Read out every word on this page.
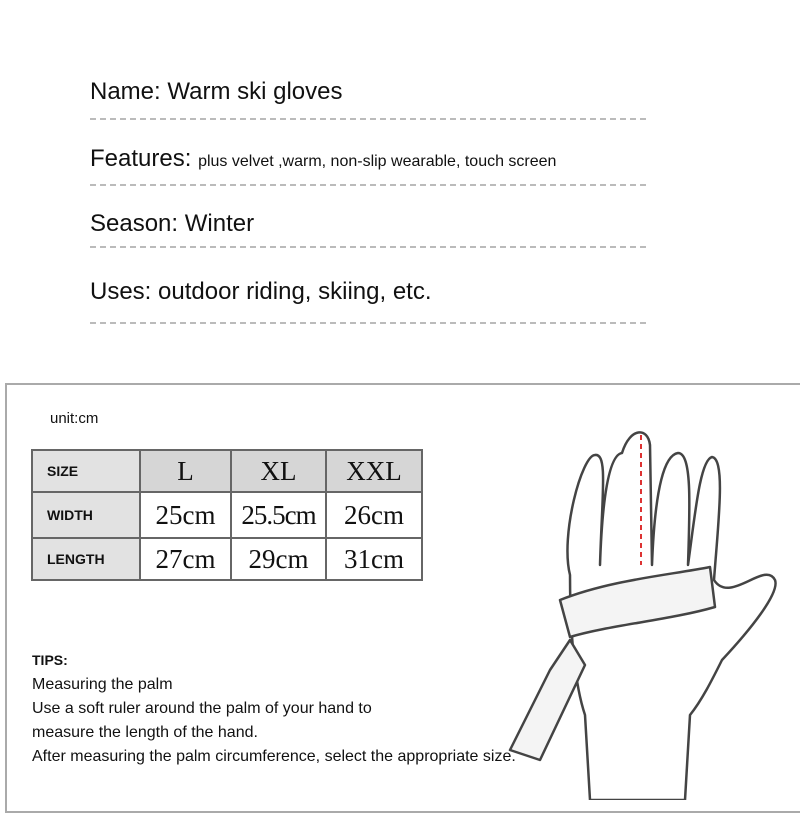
Name: Warm ski gloves
Features: plus velvet ,warm, non-slip wearable, touch screen
Season: Winter
Uses: outdoor riding, skiing, etc.
unit:cm
SIZE	L	XL	XXL
WIDTH	25cm	25.5cm	26cm
LENGTH	27cm	29cm	31cm
TIPS:
Measuring the palm
Use a soft ruler around the palm of your hand to
measure the length of the hand.
After measuring the palm circumference, select the appropriate size.
